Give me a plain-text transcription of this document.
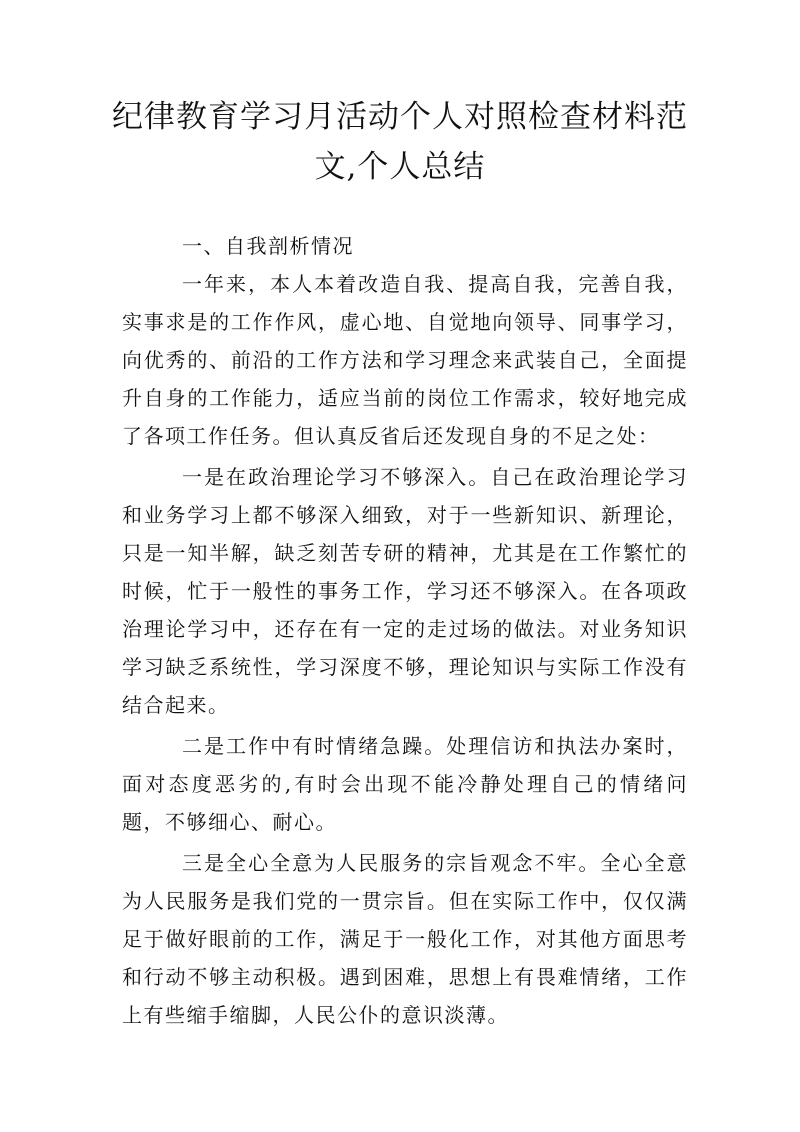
纪律教育学习月活动个人对照检查材料范文,个人总结

一、自我剖析情况

一年来，本人本着改造自我、提高自我，完善自我，实事求是的工作作风，虚心地、自觉地向领导、同事学习，向优秀的、前沿的工作方法和学习理念来武装自己，全面提升自身的工作能力，适应当前的岗位工作需求，较好地完成了各项工作任务。但认真反省后还发现自身的不足之处：

一是在政治理论学习不够深入。自己在政治理论学习和业务学习上都不够深入细致，对于一些新知识、新理论，只是一知半解，缺乏刻苦专研的精神，尤其是在工作繁忙的时候，忙于一般性的事务工作，学习还不够深入。在各项政治理论学习中，还存在有一定的走过场的做法。对业务知识学习缺乏系统性，学习深度不够，理论知识与实际工作没有结合起来。

二是工作中有时情绪急躁。处理信访和执法办案时，面对态度恶劣的,有时会出现不能冷静处理自己的情绪问题，不够细心、耐心。

三是全心全意为人民服务的宗旨观念不牢。全心全意为人民服务是我们党的一贯宗旨。但在实际工作中，仅仅满足于做好眼前的工作，满足于一般化工作，对其他方面思考和行动不够主动积极。遇到困难，思想上有畏难情绪，工作上有些缩手缩脚，人民公仆的意识淡薄。
